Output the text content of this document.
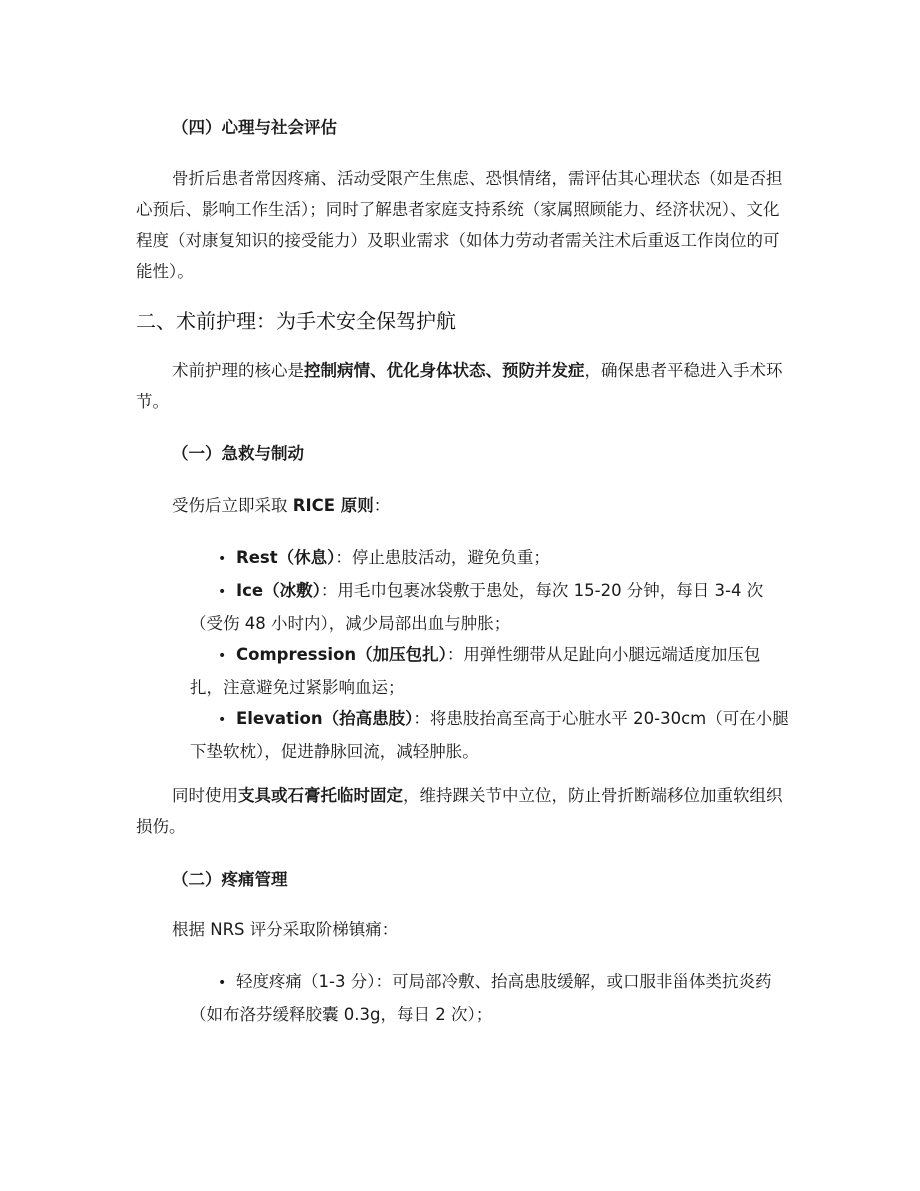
（四）心理与社会评估

骨折后患者常因疼痛、活动受限产生焦虑、恐惧情绪，需评估其心理状态（如是否担心预后、影响工作生活）；同时了解患者家庭支持系统（家属照顾能力、经济状况）、文化程度（对康复知识的接受能力）及职业需求（如体力劳动者需关注术后重返工作岗位的可能性）。

二、术前护理：为手术安全保驾护航

术前护理的核心是控制病情、优化身体状态、预防并发症，确保患者平稳进入手术环节。

（一）急救与制动

受伤后立即采取 RICE 原则：

• Rest（休息）：停止患肢活动，避免负重；
• Ice（冰敷）：用毛巾包裹冰袋敷于患处，每次 15-20 分钟，每日 3-4 次（受伤 48 小时内），减少局部出血与肿胀；
• Compression（加压包扎）：用弹性绷带从足趾向小腿远端适度加压包扎，注意避免过紧影响血运；
• Elevation（抬高患肢）：将患肢抬高至高于心脏水平 20-30cm（可在小腿下垫软枕），促进静脉回流，减轻肿胀。

同时使用支具或石膏托临时固定，维持踝关节中立位，防止骨折断端移位加重软组织损伤。

（二）疼痛管理

根据 NRS 评分采取阶梯镇痛：

• 轻度疼痛（1-3 分）：可局部冷敷、抬高患肢缓解，或口服非甾体类抗炎药（如布洛芬缓释胶囊 0.3g，每日 2 次）；
